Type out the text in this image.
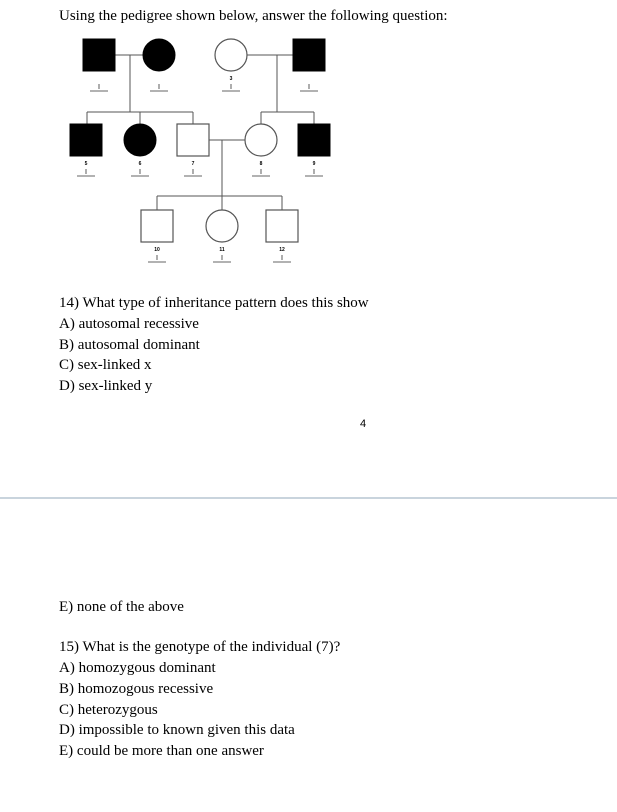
Using the pedigree shown below, answer the following question:
1	2	3	4
5	6	7	8	9
10	11	12
14) What type of inheritance pattern does this show
A) autosomal recessive
B) autosomal dominant
C) sex-linked x
D) sex-linked y
4
E) none of the above
15) What is the genotype of the individual (7)?
A) homozygous dominant
B) homozogous recessive
C) heterozygous
D) impossible to known given this data
E) could be more than one answer
